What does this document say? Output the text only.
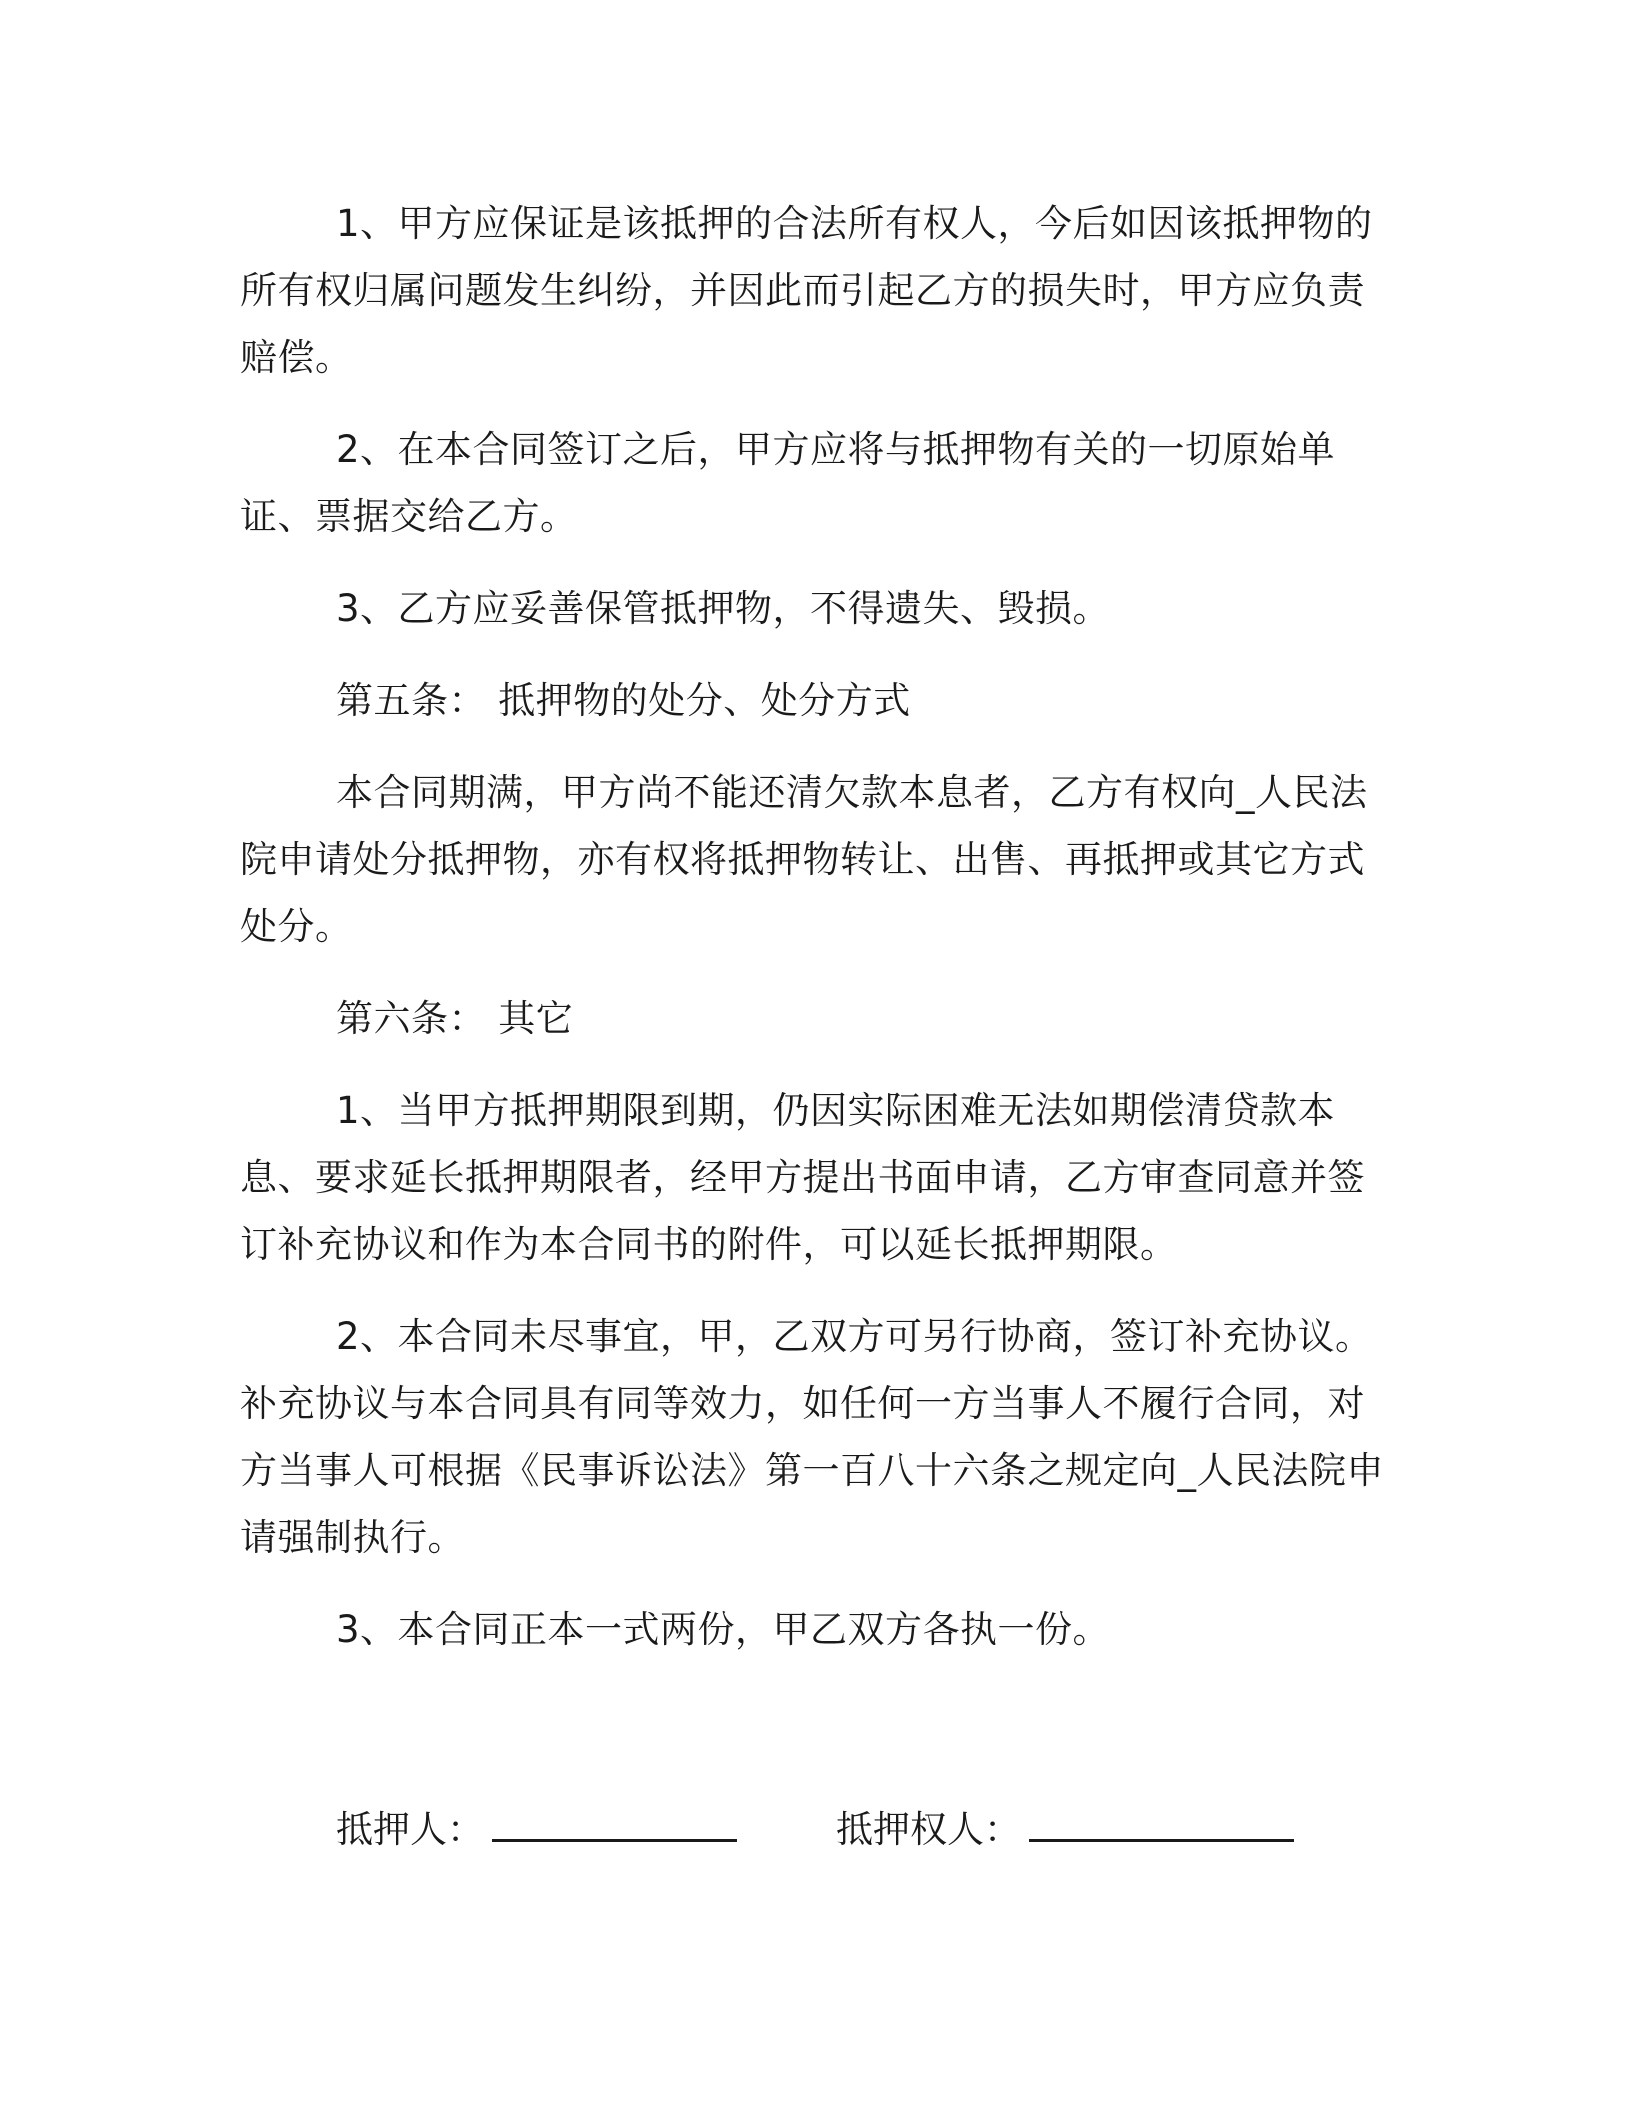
1、甲方应保证是该抵押的合法所有权人，今后如因该抵押物的所有权归属问题发生纠纷，并因此而引起乙方的损失时，甲方应负责赔偿。

2、在本合同签订之后，甲方应将与抵押物有关的一切原始单证、票据交给乙方。

3、乙方应妥善保管抵押物，不得遗失、毁损。

第五条： 抵押物的处分、处分方式

本合同期满，甲方尚不能还清欠款本息者，乙方有权向_人民法院申请处分抵押物，亦有权将抵押物转让、出售、再抵押或其它方式处分。

第六条： 其它

1、当甲方抵押期限到期，仍因实际困难无法如期偿清贷款本息、要求延长抵押期限者，经甲方提出书面申请，乙方审查同意并签订补充协议和作为本合同书的附件，可以延长抵押期限。

2、本合同未尽事宜，甲，乙双方可另行协商，签订补充协议。补充协议与本合同具有同等效力，如任何一方当事人不履行合同，对方当事人可根据《民事诉讼法》第一百八十六条之规定向_人民法院申请强制执行。

3、本合同正本一式两份，甲乙双方各执一份。

抵押人：	抵押权人：
